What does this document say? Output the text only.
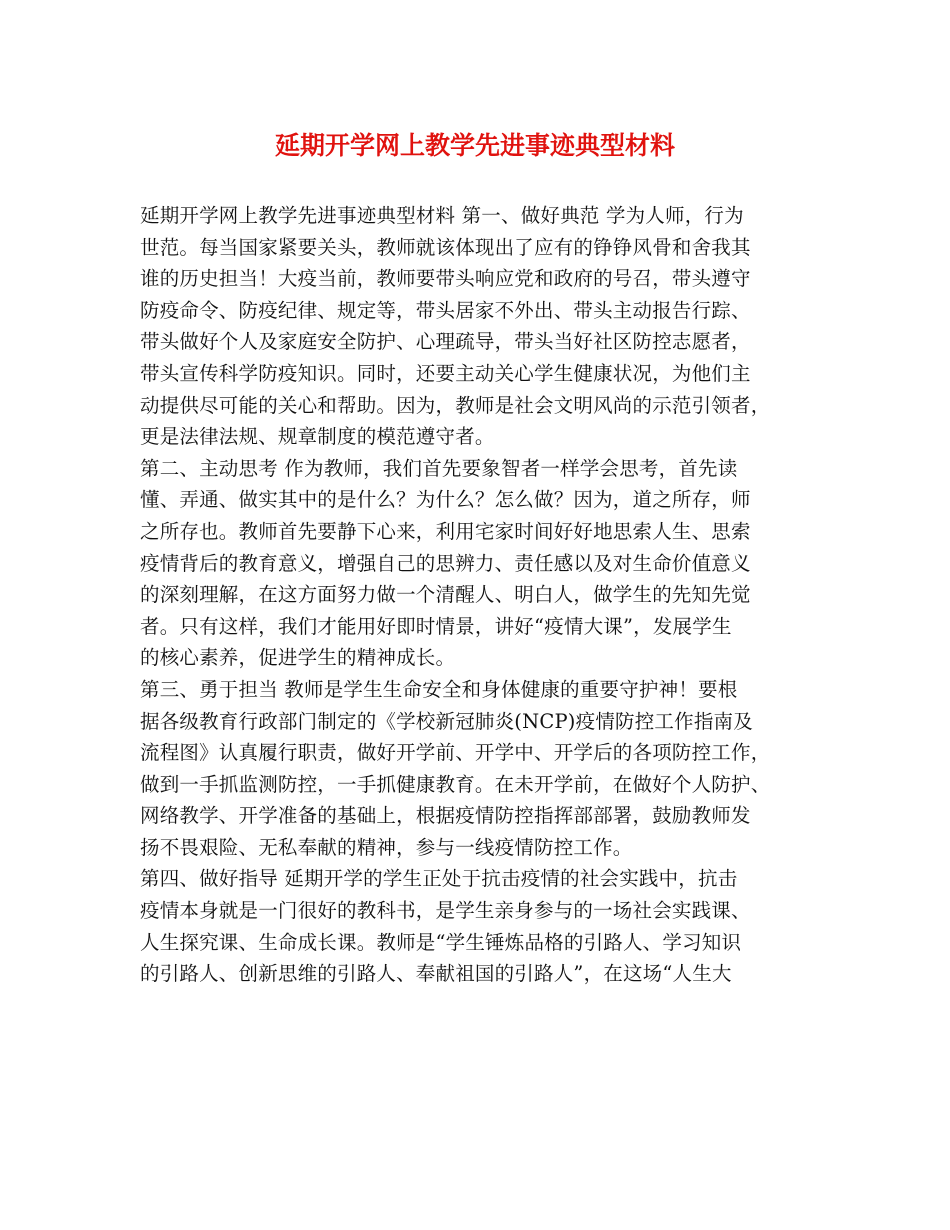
延期开学网上教学先进事迹典型材料
延期开学网上教学先进事迹典型材料 第一、做好典范 学为人师，行为
世范。每当国家紧要关头，教师就该体现出了应有的铮铮风骨和舍我其
谁的历史担当！大疫当前，教师要带头响应党和政府的号召，带头遵守
防疫命令、防疫纪律、规定等，带头居家不外出、带头主动报告行踪、
带头做好个人及家庭安全防护、心理疏导，带头当好社区防控志愿者，
带头宣传科学防疫知识。同时，还要主动关心学生健康状况，为他们主
动提供尽可能的关心和帮助。因为，教师是社会文明风尚的示范引领者，
更是法律法规、规章制度的模范遵守者。
第二、主动思考 作为教师，我们首先要象智者一样学会思考，首先读
懂、弄通、做实其中的是什么？为什么？怎么做？因为，道之所存，师
之所存也。教师首先要静下心来，利用宅家时间好好地思索人生、思索
疫情背后的教育意义，增强自己的思辨力、责任感以及对生命价值意义
的深刻理解，在这方面努力做一个清醒人、明白人，做学生的先知先觉
者。只有这样，我们才能用好即时情景，讲好“疫情大课”，发展学生
的核心素养，促进学生的精神成长。
第三、勇于担当 教师是学生生命安全和身体健康的重要守护神！要根
据各级教育行政部门制定的《学校新冠肺炎(NCP)疫情防控工作指南及
流程图》认真履行职责，做好开学前、开学中、开学后的各项防控工作，
做到一手抓监测防控，一手抓健康教育。在未开学前，在做好个人防护、
网络教学、开学准备的基础上，根据疫情防控指挥部部署，鼓励教师发
扬不畏艰险、无私奉献的精神，参与一线疫情防控工作。
第四、做好指导 延期开学的学生正处于抗击疫情的社会实践中，抗击
疫情本身就是一门很好的教科书，是学生亲身参与的一场社会实践课、
人生探究课、生命成长课。教师是“学生锤炼品格的引路人、学习知识
的引路人、创新思维的引路人、奉献祖国的引路人”，在这场“人生大
